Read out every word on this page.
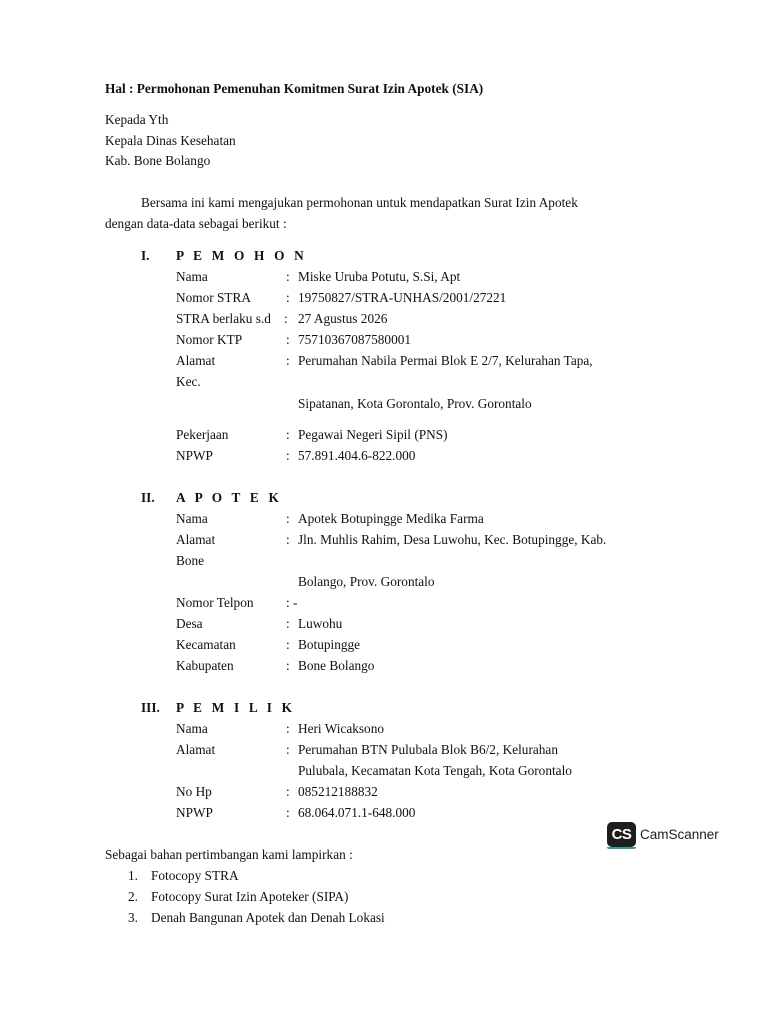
Hal : Permohonan Pemenuhan Komitmen Surat Izin Apotek (SIA)
Kepada Yth
Kepala Dinas Kesehatan
Kab. Bone Bolango
Bersama ini kami mengajukan permohonan untuk mendapatkan Surat Izin Apotek
dengan data-data sebagai berikut :
I. P E M O H O N
Nama	: Miske Uruba Potutu, S.Si, Apt
Nomor STRA	: 19750827/STRA-UNHAS/2001/27221
STRA berlaku s.d : 27 Agustus 2026
Nomor KTP	: 75710367087580001
Alamat	: Perumahan Nabila Permai Blok E 2/7, Kelurahan Tapa,
Kec.
Sipatanan, Kota Gorontalo, Prov. Gorontalo
Pekerjaan	: Pegawai Negeri Sipil (PNS)
NPWP	: 57.891.404.6-822.000
II. A P O T E K
Nama	: Apotek Botupingge Medika Farma
Alamat	: Jln. Muhlis Rahim, Desa Luwohu, Kec. Botupingge, Kab.
Bone
Bolango, Prov. Gorontalo
Nomor Telpon : -
Desa	: Luwohu
Kecamatan	: Botupingge
Kabupaten	: Bone Bolango
III. P E M I L I K
Nama	: Heri Wicaksono
Alamat	: Perumahan BTN Pulubala Blok B6/2, Kelurahan
Pulubala, Kecamatan Kota Tengah, Kota Gorontalo
No Hp	: 085212188832
NPWP	: 68.064.071.1-648.000
CS CamScanner
Sebagai bahan pertimbangan kami lampirkan :
1. Fotocopy STRA
2. Fotocopy Surat Izin Apoteker (SIPA)
3. Denah Bangunan Apotek dan Denah Lokasi
